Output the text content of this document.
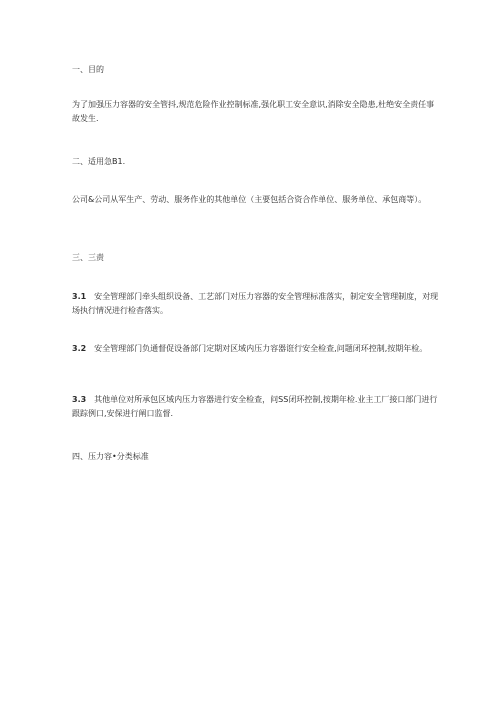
一、目的

为了加强压力容器的安全管抖,规范危险作业控制标准,强化职工安全意识,消除安全隐患,杜绝安全责任事故发生.

二、适用急B1.

公司&公司从军生产、劳动、服务作业的其他单位（主要包括合资合作单位、服务单位、承包商等）。

三、三责

3.1 安全管理部门牵头组织设备、工艺部门对压力容器的安全管理标准落实，制定安全管理制度，对现场执行情况进行检杳落实。

3.2 安全管理部门负通督促设备部门定期对区域内压力容器诳行安全检查,问题闭环控制,按期年检。

3.3 其他单位对所承包区域内压力容器进行安全检查，问SS闭环控制,按期年检.业主工厂接口部门进行跟踪例口,安保进行阐口监督.

四、压力容•分类标准
